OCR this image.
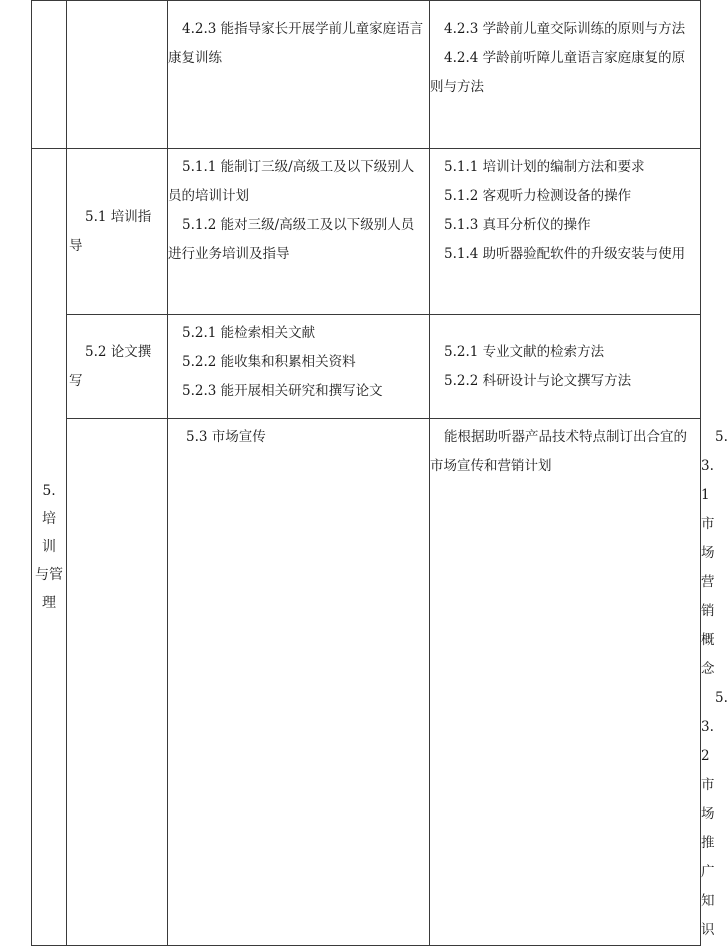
		4.2.3 能指导家长开展学前儿童家庭语言康复训练	4.2.3 学龄前儿童交际训练的原则与方法
4.2.4 学龄前听障儿童语言家庭康复的原则与方法	

5.
培
训
与管
理	5.1 培训指导	5.1.1 能制订三级/高级工及以下级别人员的培训计划
5.1.2 能对三级/高级工及以下级别人员进行业务培训及指导	5.1.1 培训计划的编制方法和要求
5.1.2 客观听力检测设备的操作
5.1.3 真耳分析仪的操作
5.1.4 助听器验配软件的升级安装与使用	

	5.2 论文撰写	5.2.1 能检索相关文献
5.2.2 能收集和积累相关资料
5.2.3 能开展相关研究和撰写论文	5.2.1 专业文献的检索方法
5.2.2 科研设计与论文撰写方法	

		5.3 市场宣传	能根据助听器产品技术特点制订出合宜的市场宣传和营销计划	5.3.1 市场营销概念
5.3.2 市场推广知识
